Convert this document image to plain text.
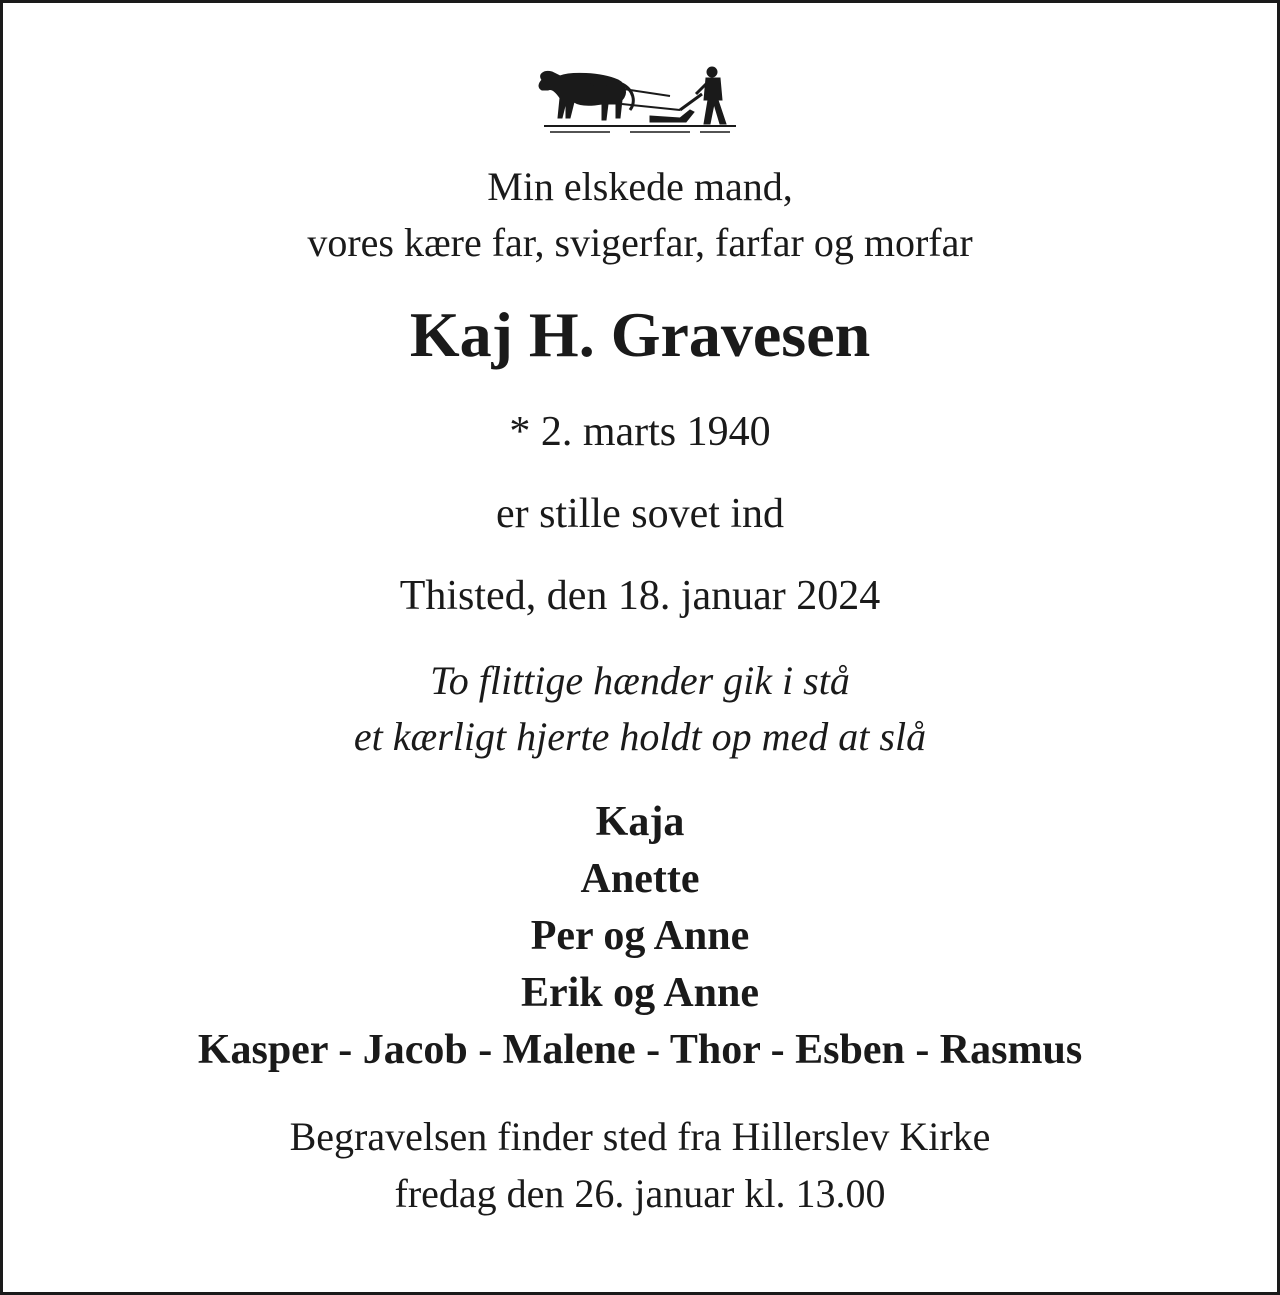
Min elskede mand,
vores kære far, svigerfar, farfar og morfar
Kaj H. Gravesen
* 2. marts 1940
er stille sovet ind
Thisted, den 18. januar 2024
To flittige hænder gik i stå
et kærligt hjerte holdt op med at slå
Kaja
Anette
Per og Anne
Erik og Anne
Kasper - Jacob - Malene - Thor - Esben - Rasmus
Begravelsen finder sted fra Hillerslev Kirke
fredag den 26. januar kl. 13.00
